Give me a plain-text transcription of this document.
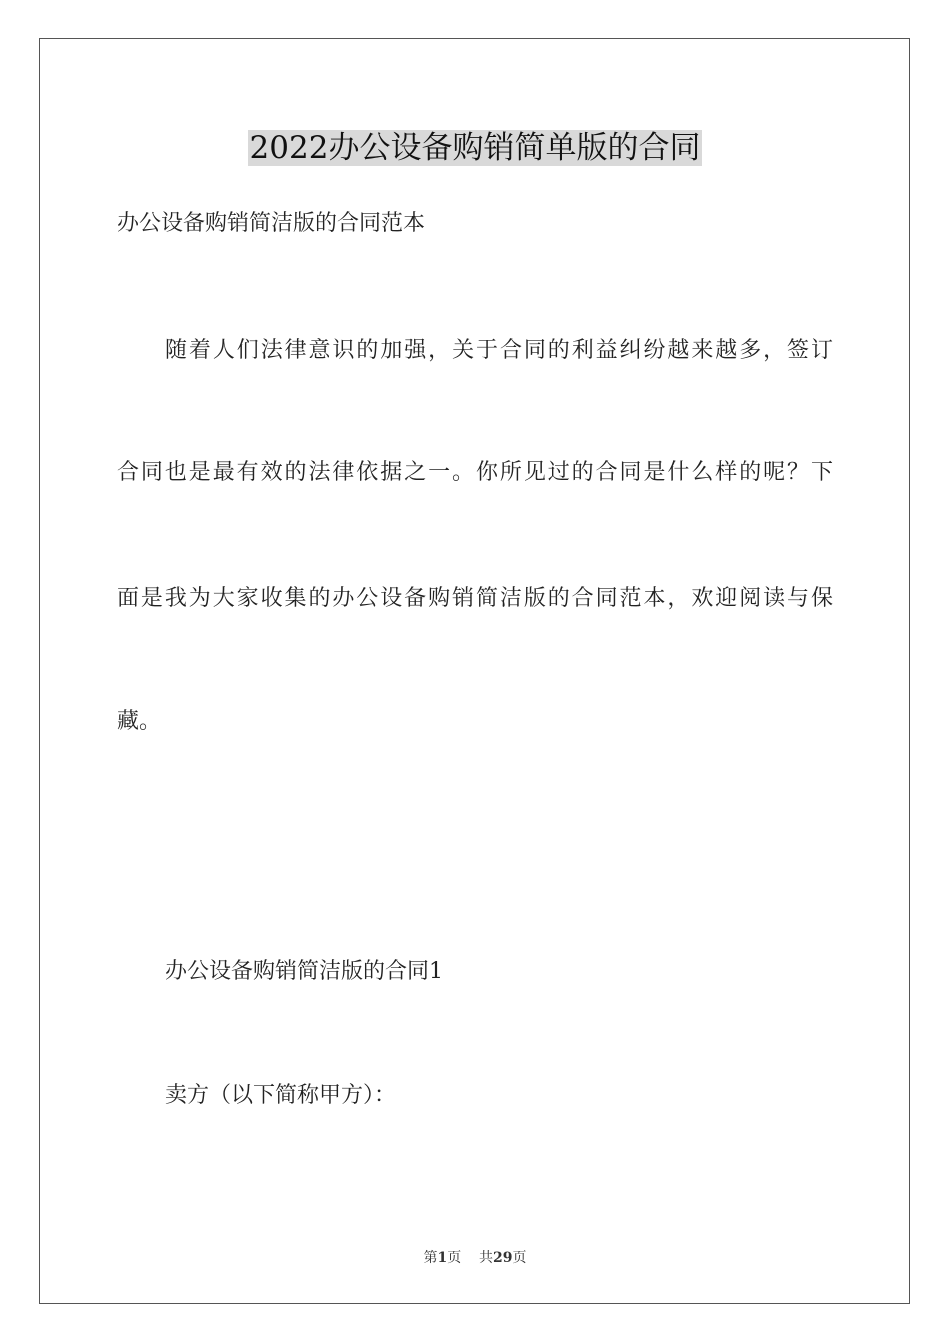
2022办公设备购销简单版的合同
办公设备购销简洁版的合同范本
随着人们法律意识的加强，关于合同的利益纠纷越来越多，签订
合同也是最有效的法律依据之一。你所见过的合同是什么样的呢？下
面是我为大家收集的办公设备购销简洁版的合同范本，欢迎阅读与保
藏。
办公设备购销简洁版的合同1
卖方（以下简称甲方）：
第1页 共29页
